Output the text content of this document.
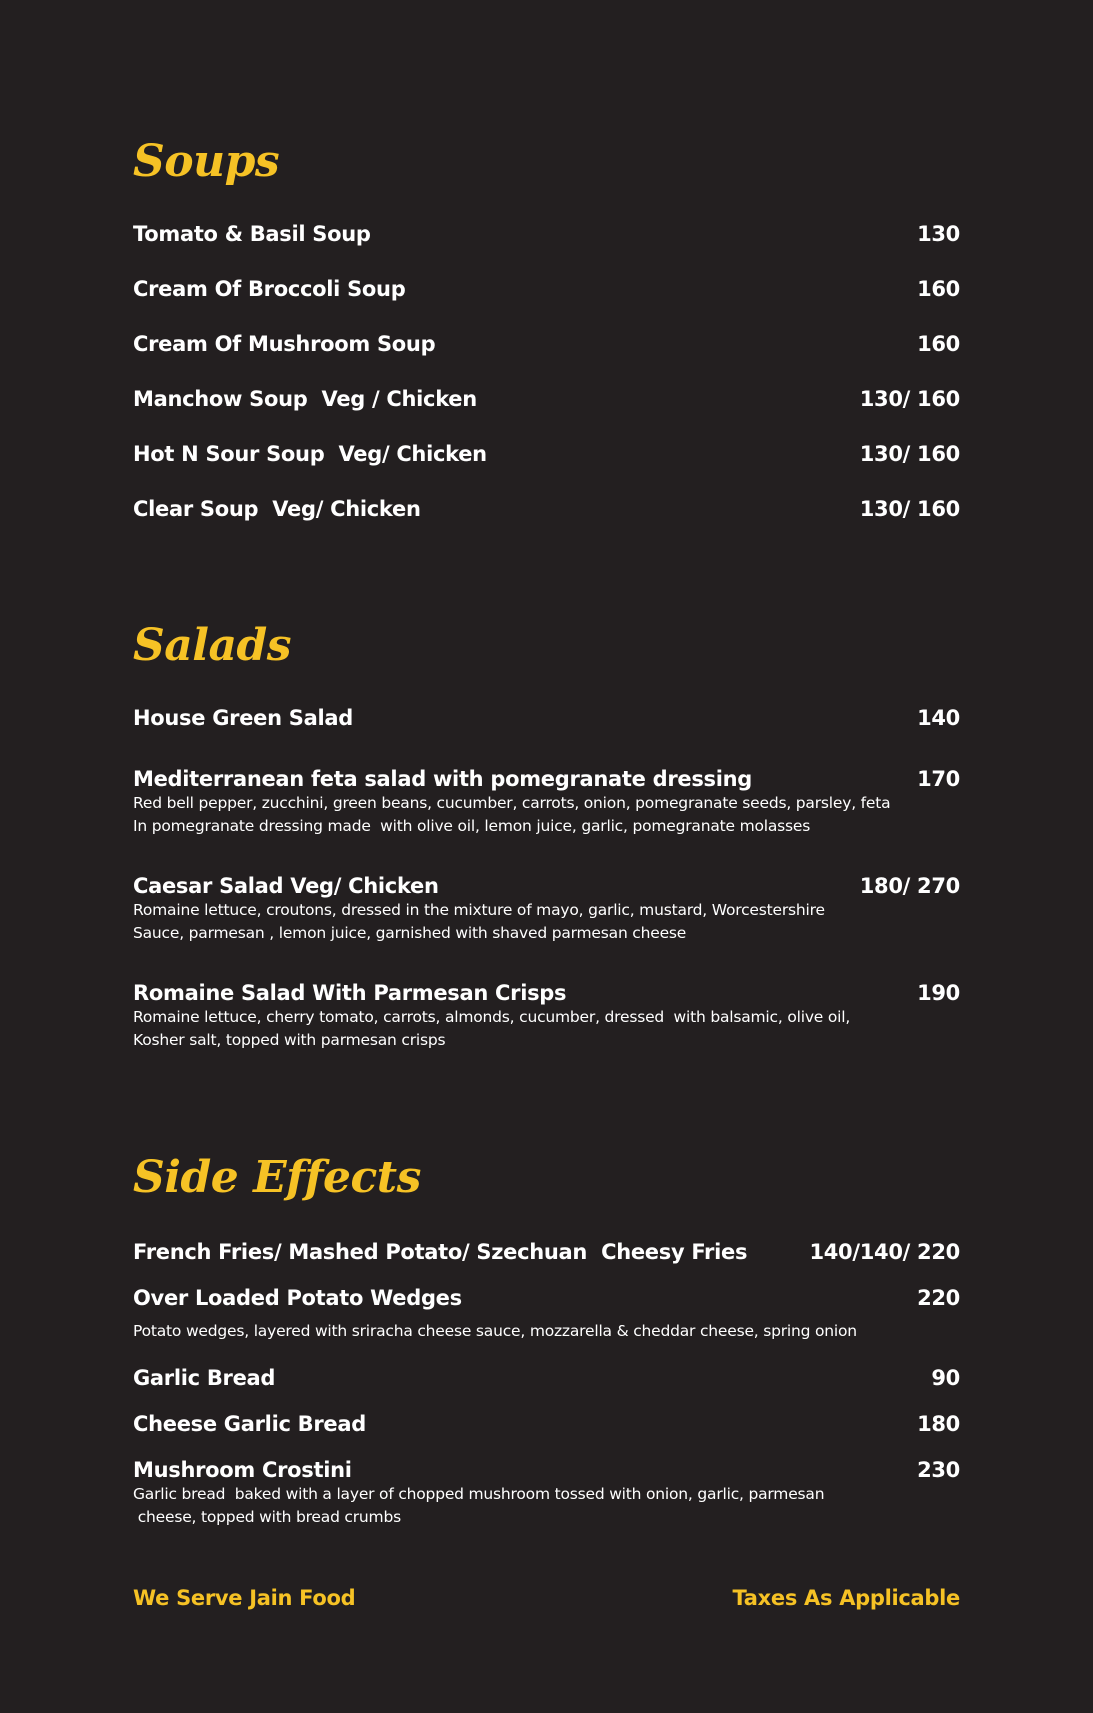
Soups
Tomato & Basil Soup	130
Cream Of Broccoli Soup	160
Cream Of Mushroom Soup	160
Manchow Soup  Veg / Chicken	130/ 160
Hot N Sour Soup  Veg/ Chicken	130/ 160
Clear Soup  Veg/ Chicken	130/ 160
Salads
House Green Salad	140
Mediterranean feta salad with pomegranate dressing	170
Red bell pepper, zucchini, green beans, cucumber, carrots, onion, pomegranate seeds, parsley, feta
In pomegranate dressing made  with olive oil, lemon juice, garlic, pomegranate molasses
Caesar Salad Veg/ Chicken	180/ 270
Romaine lettuce, croutons, dressed in the mixture of mayo, garlic, mustard, Worcestershire
Sauce, parmesan , lemon juice, garnished with shaved parmesan cheese
Romaine Salad With Parmesan Crisps	190
Romaine lettuce, cherry tomato, carrots, almonds, cucumber, dressed  with balsamic, olive oil,
Kosher salt, topped with parmesan crisps
Side Effects
French Fries/ Mashed Potato/ Szechuan  Cheesy Fries	140/140/ 220
Over Loaded Potato Wedges	220
Potato wedges, layered with sriracha cheese sauce, mozzarella & cheddar cheese, spring onion
Garlic Bread	90
Cheese Garlic Bread	180
Mushroom Crostini	230
Garlic bread  baked with a layer of chopped mushroom tossed with onion, garlic, parmesan
cheese, topped with bread crumbs
We Serve Jain Food	Taxes As Applicable
